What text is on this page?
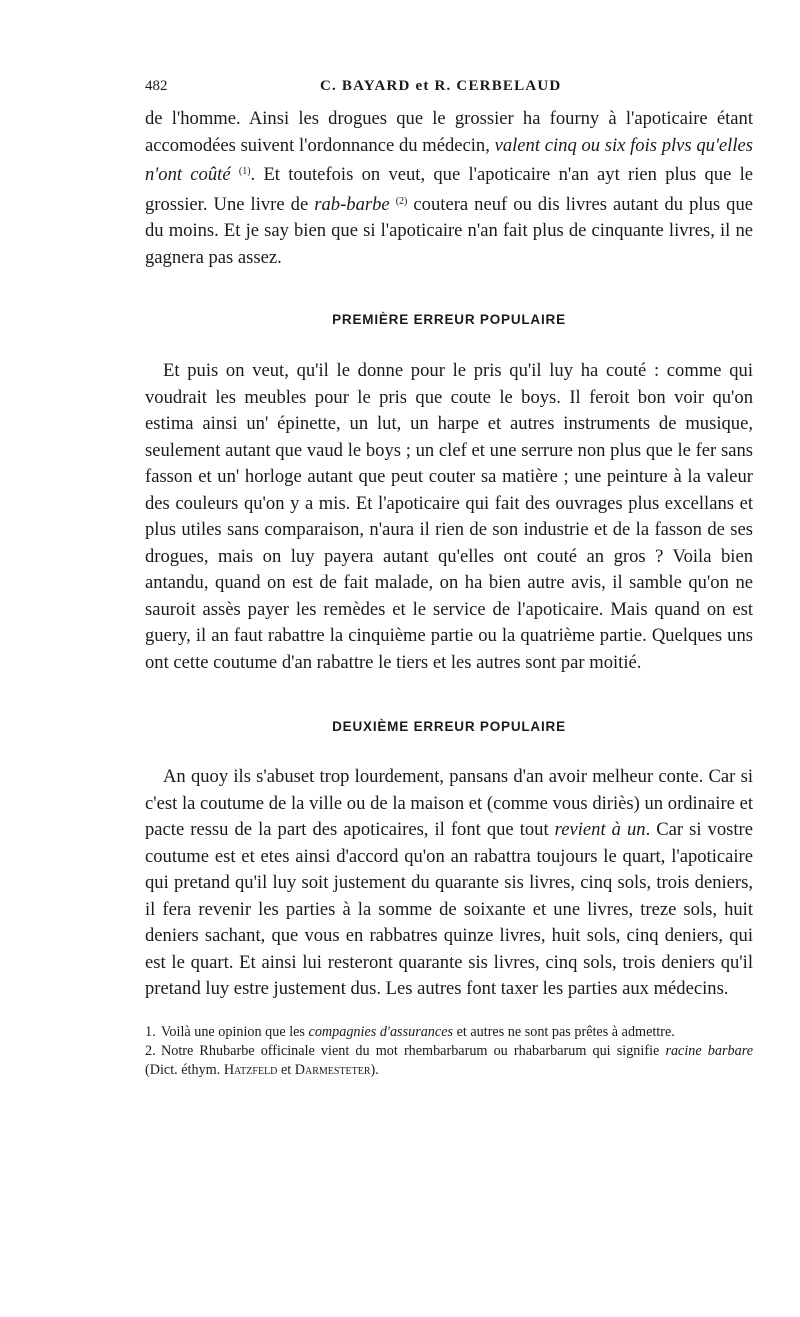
482	C. BAYARD et R. CERBELAUD

de l'homme. Ainsi les drogues que le grossier ha fourny à l'apoticaire étant accomodées suivent l'ordonnance du médecin, valent cinq ou six fois plvs qu'elles n'ont coûté $^{(1)}$. Et toutefois on veut, que l'apoticaire n'an ayt rien plus que le grossier. Une livre de rab-barbe $^{(2)}$ coutera neuf ou dis livres autant du plus que du moins. Et je say bien que si l'apoticaire n'an fait plus de cinquante livres, il ne gagnera pas assez.

PREMIÈRE ERREUR POPULAIRE

Et puis on veut, qu'il le donne pour le pris qu'il luy ha couté : comme qui voudrait les meubles pour le pris que coute le boys. Il feroit bon voir qu'on estima ainsi un' épinette, un lut, un harpe et autres instruments de musique, seulement autant que vaud le boys ; un clef et une serrure non plus que le fer sans fasson et un' horloge autant que peut couter sa matière ; une peinture à la valeur des couleurs qu'on y a mis. Et l'apoticaire qui fait des ouvrages plus excellans et plus utiles sans comparaison, n'aura il rien de son industrie et de la fasson de ses drogues, mais on luy payera autant qu'elles ont couté an gros ? Voila bien antandu, quand on est de fait malade, on ha bien autre avis, il samble qu'on ne sauroit assès payer les remèdes et le service de l'apoticaire. Mais quand on est guery, il an faut rabattre la cinquième partie ou la quatrième partie. Quelques uns ont cette coutume d'an rabattre le tiers et les autres sont par moitié.

DEUXIÈME ERREUR POPULAIRE

An quoy ils s'abuset trop lourdement, pansans d'an avoir melheur conte. Car si c'est la coutume de la ville ou de la maison et (comme vous diriès) un ordinaire et pacte ressu de la part des apoticaires, il font que tout revient à un. Car si vostre coutume est et etes ainsi d'accord qu'on an rabattra toujours le quart, l'apoticaire qui pretand qu'il luy soit justement du quarante sis livres, cinq sols, trois deniers, il fera revenir les parties à la somme de soixante et une livres, treze sols, huit deniers sachant, que vous en rabbatres quinze livres, huit sols, cinq deniers, qui est le quart. Et ainsi lui resteront quarante sis livres, cinq sols, trois deniers qu'il pretand luy estre justement dus. Les autres font taxer les parties aux médecins.

1. Voilà une opinion que les compagnies d'assurances et autres ne sont pas prêtes à admettre.

2. Notre Rhubarbe officinale vient du mot rhembarbarum ou rhabarbarum qui signifie racine barbare (Dict. éthym. Hatzfeld et Darmesteter).
